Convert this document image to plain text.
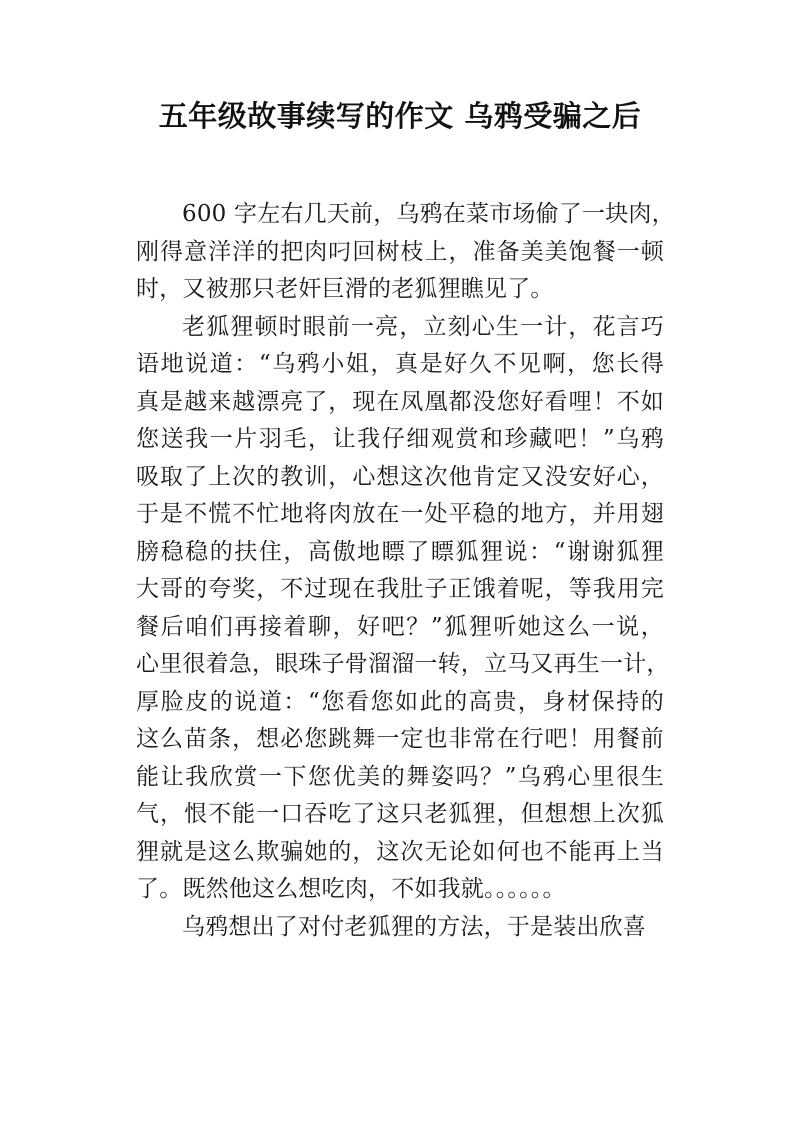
五年级故事续写的作文 乌鸦受骗之后
600 字左右几天前，乌鸦在菜市场偷了一块肉，
刚得意洋洋的把肉叼回树枝上，准备美美饱餐一顿
时，又被那只老奸巨滑的老狐狸瞧见了。
老狐狸顿时眼前一亮，立刻心生一计，花言巧
语地说道：“乌鸦小姐，真是好久不见啊，您长得
真是越来越漂亮了，现在凤凰都没您好看哩！不如
您送我一片羽毛，让我仔细观赏和珍藏吧！”乌鸦
吸取了上次的教训，心想这次他肯定又没安好心，
于是不慌不忙地将肉放在一处平稳的地方，并用翅
膀稳稳的扶住，高傲地瞟了瞟狐狸说：“谢谢狐狸
大哥的夸奖，不过现在我肚子正饿着呢，等我用完
餐后咱们再接着聊，好吧？”狐狸听她这么一说，
心里很着急，眼珠子骨溜溜一转，立马又再生一计，
厚脸皮的说道：“您看您如此的高贵，身材保持的
这么苗条，想必您跳舞一定也非常在行吧！用餐前
能让我欣赏一下您优美的舞姿吗？”乌鸦心里很生
气，恨不能一口吞吃了这只老狐狸，但想想上次狐
狸就是这么欺骗她的，这次无论如何也不能再上当
了。既然他这么想吃肉，不如我就。。。。。。
乌鸦想出了对付老狐狸的方法，于是装出欣喜
